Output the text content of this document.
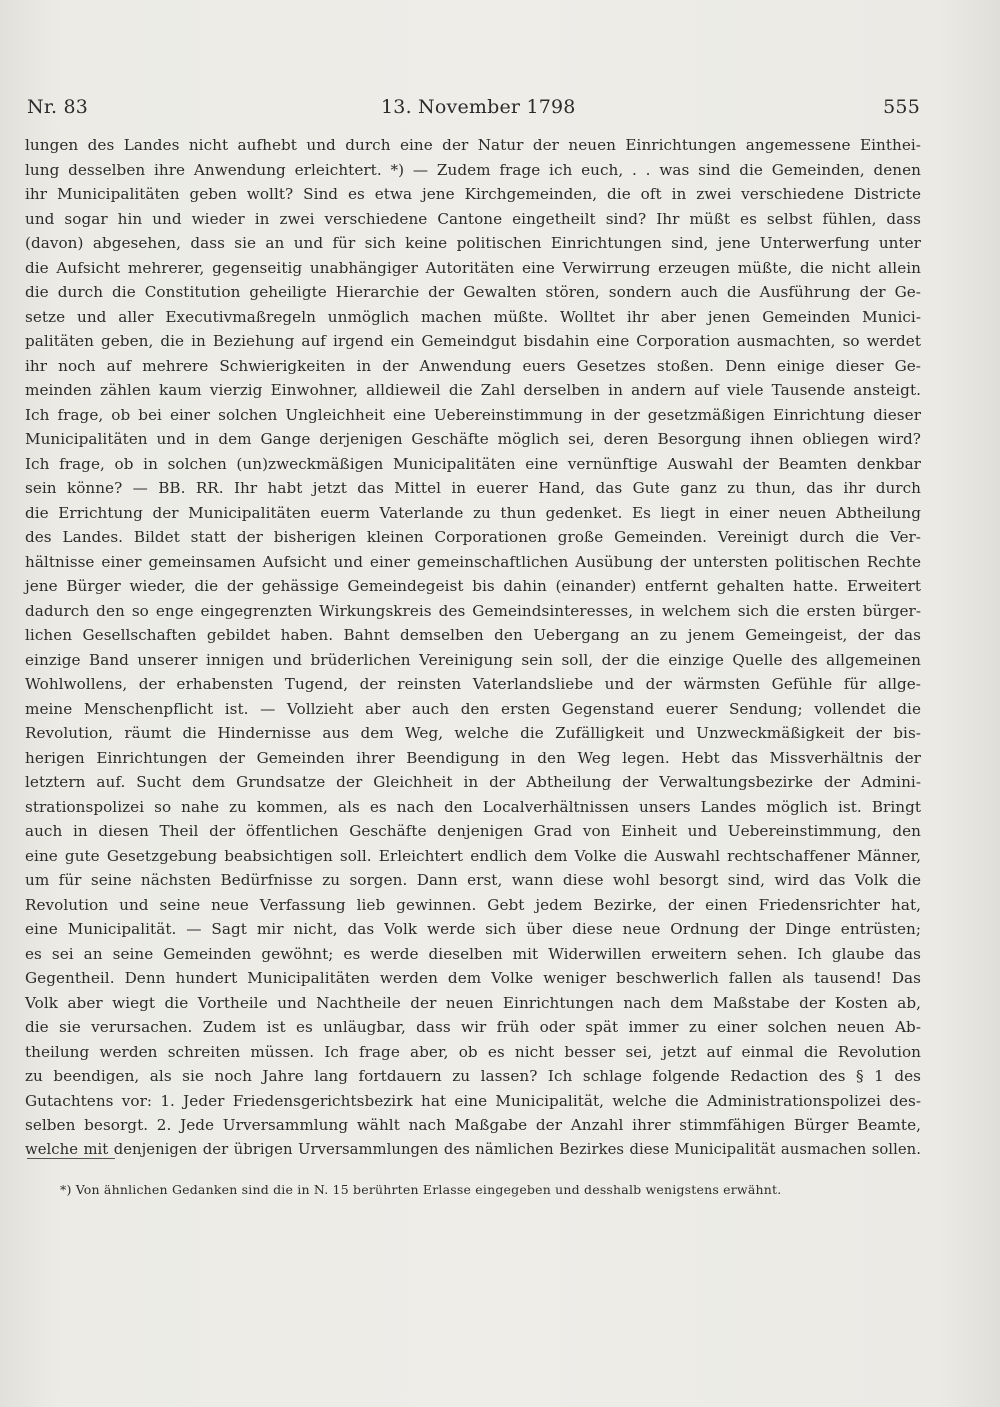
Nr. 83	13. November 1798	555
lungen des Landes nicht aufhebt und durch eine der Natur der neuen Einrichtungen angemessene Einthei-
lung desselben ihre Anwendung erleichtert. *) — Zudem frage ich euch, . . was sind die Gemeinden, denen
ihr Municipalitäten geben wollt? Sind es etwa jene Kirchgemeinden, die oft in zwei verschiedene Districte
und sogar hin und wieder in zwei verschiedene Cantone eingetheilt sind? Ihr müßt es selbst fühlen, dass
(davon) abgesehen, dass sie an und für sich keine politischen Einrichtungen sind, jene Unterwerfung unter
die Aufsicht mehrerer, gegenseitig unabhängiger Autoritäten eine Verwirrung erzeugen müßte, die nicht allein
die durch die Constitution geheiligte Hierarchie der Gewalten stören, sondern auch die Ausführung der Ge-
setze und aller Executivmaßregeln unmöglich machen müßte. Wolltet ihr aber jenen Gemeinden Munici-
palitäten geben, die in Beziehung auf irgend ein Gemeindgut bisdahin eine Corporation ausmachten, so werdet
ihr noch auf mehrere Schwierigkeiten in der Anwendung euers Gesetzes stoßen. Denn einige dieser Ge-
meinden zählen kaum vierzig Einwohner, alldieweil die Zahl derselben in andern auf viele Tausende ansteigt.
Ich frage, ob bei einer solchen Ungleichheit eine Uebereinstimmung in der gesetzmäßigen Einrichtung dieser
Municipalitäten und in dem Gange derjenigen Geschäfte möglich sei, deren Besorgung ihnen obliegen wird?
Ich frage, ob in solchen (un)zweckmäßigen Municipalitäten eine vernünftige Auswahl der Beamten denkbar
sein könne? — BB. RR. Ihr habt jetzt das Mittel in euerer Hand, das Gute ganz zu thun, das ihr durch
die Errichtung der Municipalitäten euerm Vaterlande zu thun gedenket. Es liegt in einer neuen Abtheilung
des Landes. Bildet statt der bisherigen kleinen Corporationen große Gemeinden. Vereinigt durch die Ver-
hältnisse einer gemeinsamen Aufsicht und einer gemeinschaftlichen Ausübung der untersten politischen Rechte
jene Bürger wieder, die der gehässige Gemeindegeist bis dahin (einander) entfernt gehalten hatte. Erweitert
dadurch den so enge eingegrenzten Wirkungskreis des Gemeindsinteresses, in welchem sich die ersten bürger-
lichen Gesellschaften gebildet haben. Bahnt demselben den Uebergang an zu jenem Gemeingeist, der das
einzige Band unserer innigen und brüderlichen Vereinigung sein soll, der die einzige Quelle des allgemeinen
Wohlwollens, der erhabensten Tugend, der reinsten Vaterlandsliebe und der wärmsten Gefühle für allge-
meine Menschenpflicht ist. — Vollzieht aber auch den ersten Gegenstand euerer Sendung; vollendet die
Revolution, räumt die Hindernisse aus dem Weg, welche die Zufälligkeit und Unzweckmäßigkeit der bis-
herigen Einrichtungen der Gemeinden ihrer Beendigung in den Weg legen. Hebt das Missverhältnis der
letztern auf. Sucht dem Grundsatze der Gleichheit in der Abtheilung der Verwaltungsbezirke der Admini-
strationspolizei so nahe zu kommen, als es nach den Localverhältnissen unsers Landes möglich ist. Bringt
auch in diesen Theil der öffentlichen Geschäfte denjenigen Grad von Einheit und Uebereinstimmung, den
eine gute Gesetzgebung beabsichtigen soll. Erleichtert endlich dem Volke die Auswahl rechtschaffener Männer,
um für seine nächsten Bedürfnisse zu sorgen. Dann erst, wann diese wohl besorgt sind, wird das Volk die
Revolution und seine neue Verfassung lieb gewinnen. Gebt jedem Bezirke, der einen Friedensrichter hat,
eine Municipalität. — Sagt mir nicht, das Volk werde sich über diese neue Ordnung der Dinge entrüsten;
es sei an seine Gemeinden gewöhnt; es werde dieselben mit Widerwillen erweitern sehen. Ich glaube das
Gegentheil. Denn hundert Municipalitäten werden dem Volke weniger beschwerlich fallen als tausend! Das
Volk aber wiegt die Vortheile und Nachtheile der neuen Einrichtungen nach dem Maßstabe der Kosten ab,
die sie verursachen. Zudem ist es unläugbar, dass wir früh oder spät immer zu einer solchen neuen Ab-
theilung werden schreiten müssen. Ich frage aber, ob es nicht besser sei, jetzt auf einmal die Revolution
zu beendigen, als sie noch Jahre lang fortdauern zu lassen? Ich schlage folgende Redaction des § 1 des
Gutachtens vor: 1. Jeder Friedensgerichtsbezirk hat eine Municipalität, welche die Administrationspolizei des-
selben besorgt. 2. Jede Urversammlung wählt nach Maßgabe der Anzahl ihrer stimmfähigen Bürger Beamte,
welche mit denjenigen der übrigen Urversammlungen des nämlichen Bezirkes diese Municipalität ausmachen sollen.
*) Von ähnlichen Gedanken sind die in N. 15 berührten Erlasse eingegeben und desshalb wenigstens erwähnt.
